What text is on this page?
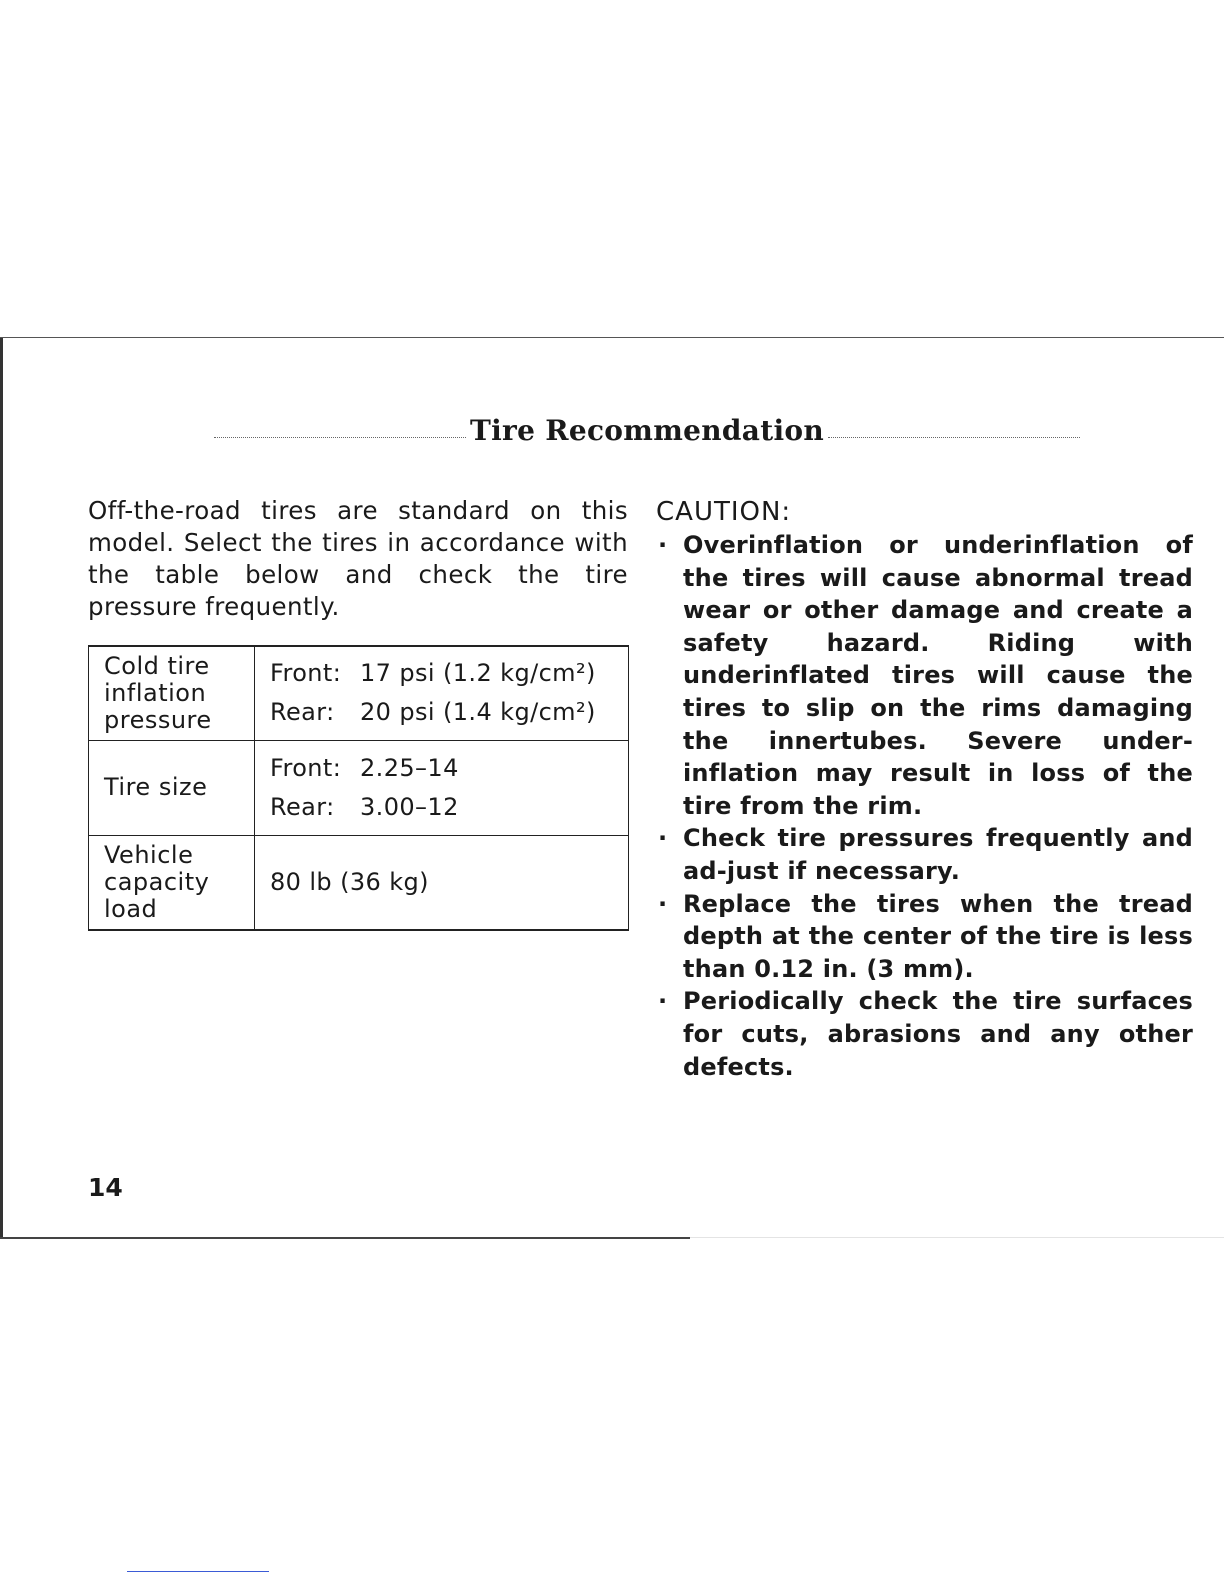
Tire Recommendation

Off-the-road tires are standard on this model. Select the tires in accordance with the table below and check the tire pressure frequently.

Cold tire inflation pressure	Front: 17 psi (1.2 kg/cm²)
Rear: 20 psi (1.4 kg/cm²)

Tire size	Front: 2.25–14
Rear: 3.00–12

Vehicle capacity load	80 lb (36 kg)
CAUTION:
· Overinflation or underinflation of the tires will cause abnormal tread wear or other damage and create a safety hazard. Riding with underinflated tires will cause the tires to slip on the rims damaging the innertubes. Severe under-inflation may result in loss of the tire from the rim.
· Check tire pressures frequently and ad-just if necessary.
· Replace the tires when the tread depth at the center of the tire is less than 0.12 in. (3 mm).
· Periodically check the tire surfaces for cuts, abrasions and any other defects.
14
